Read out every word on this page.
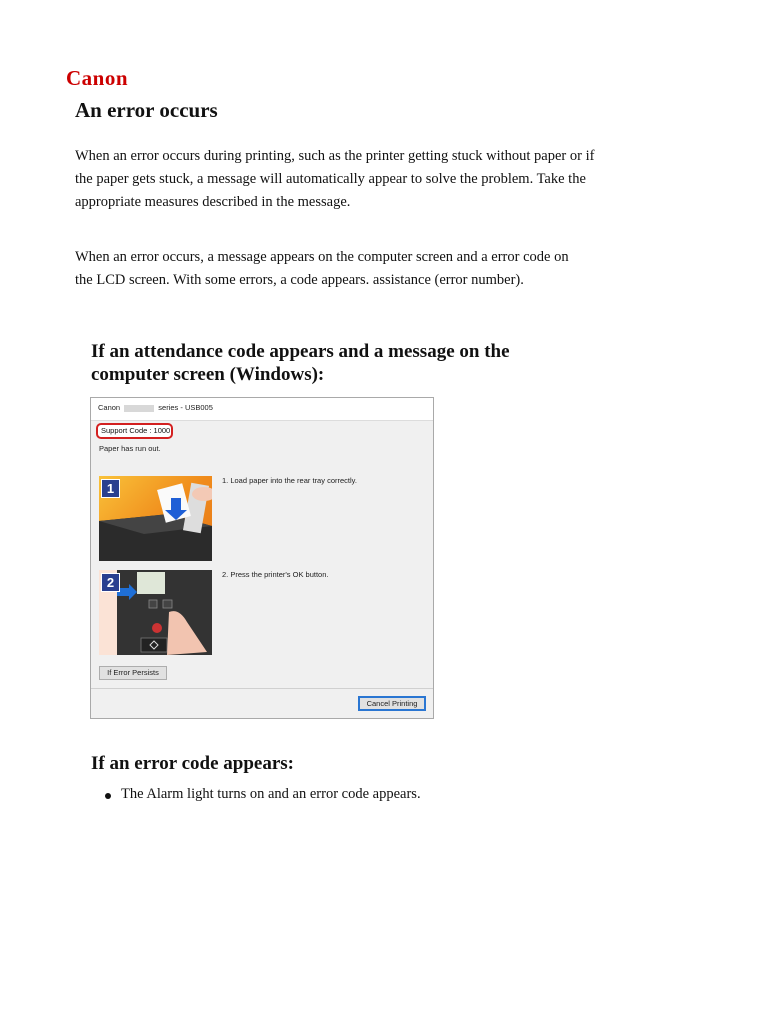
Canon
An error occurs

When an error occurs during printing, such as the printer getting stuck without paper or if the paper gets stuck, a message will automatically appear to solve the problem. Take the appropriate measures described in the message.

When an error occurs, a message appears on the computer screen and a error code on the LCD screen. With some errors, a code appears. assistance (error number).

If an attendance code appears and a message on the computer screen (Windows):
Canon	series - USB005
Support Code : 1000
Paper has run out.
1
1. Load paper into the rear tray correctly.
2
2. Press the printer's OK button.
If Error Persists
Cancel Printing
If an error code appears:
The Alarm light turns on and an error code appears.
